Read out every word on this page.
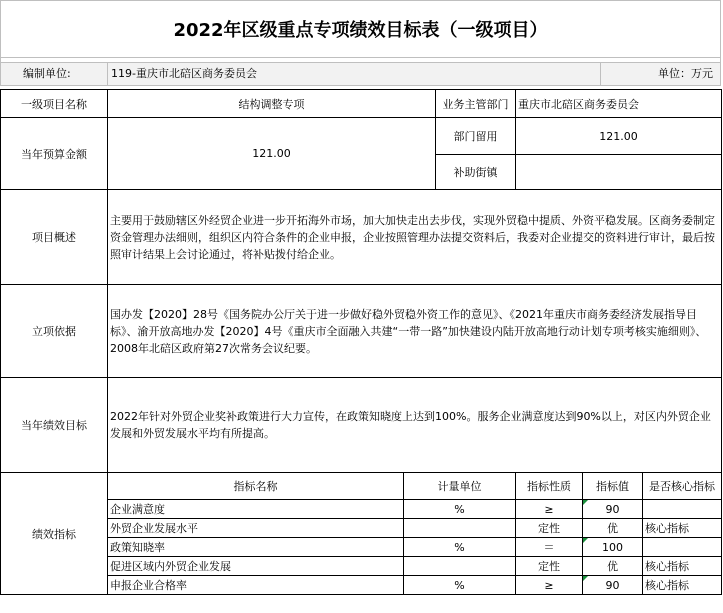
2022年区级重点专项绩效目标表（一级项目）
编制单位:	119-重庆市北碚区商务委员会	单位：万元
一级项目名称	结构调整专项		业务主管部门	重庆市北碚区商务委员会		
当年预算金额	121.00		部门留用	121.00		
			补助街镇			
项目概述	主要用于鼓励辖区外经贸企业进一步开拓海外市场，加大加快走出去步伐，实现外贸稳中提质、外资平稳发展。区商务委制定资金管理办法细则，组织区内符合条件的企业申报，企业按照管理办法提交资料后，我委对企业提交的资料进行审计，最后按照审计结果上会讨论通过，将补贴拨付给企业。					
立项依据	国办发【2020】28号《国务院办公厅关于进一步做好稳外贸稳外资工作的意见》、《2021年重庆市商务委经济发展指导目标》、渝开放高地办发【2020】4号《重庆市全面融入共建“一带一路”加快建设内陆开放高地行动计划专项考核实施细则》、2008年北碚区政府第27次常务会议纪要。					
当年绩效目标	2022年针对外贸企业奖补政策进行大力宣传，在政策知晓度上达到100%。服务企业满意度达到90%以上，对区内外贸企业发展和外贸发展水平均有所提高。					
绩效指标	指标名称	计量单位		指标性质	指标值	是否核心指标
	企业满意度	%		≥	90	
	外贸企业发展水平			定性	优	核心指标
	政策知晓率	%		＝	100	
	促进区域内外贸企业发展			定性	优	核心指标
	申报企业合格率	%		≥	90	核心指标
